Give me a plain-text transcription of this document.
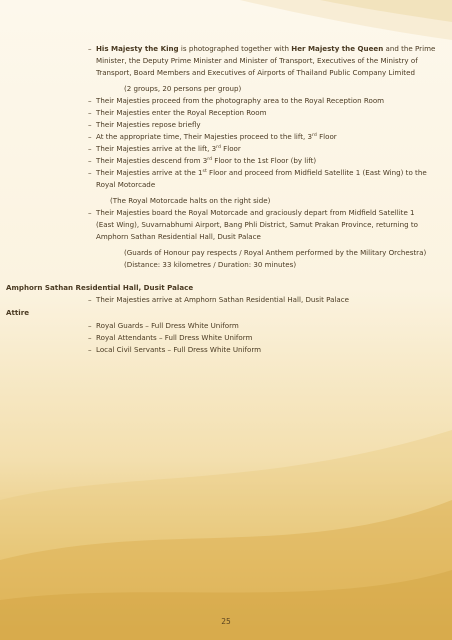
– His Majesty the King is photographed together with Her Majesty the Queen and the Prime
Minister, the Deputy Prime Minister and Minister of Transport, Executives of the Ministry of
Transport, Board Members and Executives of Airports of Thailand Public Company Limited
(2 groups, 20 persons per group)
– Their Majesties proceed from the photography area to the Royal Reception Room
– Their Majesties enter the Royal Reception Room
– Their Majesties repose briefly
– At the appropriate time, Their Majesties proceed to the lift, 3rd Floor
– Their Majesties arrive at the lift, 3rd Floor
– Their Majesties descend from 3rd Floor to the 1st Floor (by lift)
– Their Majesties arrive at the 1st Floor and proceed from Midfield Satellite 1 (East Wing) to the
Royal Motorcade
(The Royal Motorcade halts on the right side)
– Their Majesties board the Royal Motorcade and graciously depart from Midfield Satellite 1
(East Wing), Suvarnabhumi Airport, Bang Phli District, Samut Prakan Province, returning to
Amphorn Sathan Residential Hall, Dusit Palace
(Guards of Honour pay respects / Royal Anthem performed by the Military Orchestra)
(Distance: 33 kilometres / Duration: 30 minutes)
Amphorn Sathan Residential Hall, Dusit Palace
– Their Majesties arrive at Amphorn Sathan Residential Hall, Dusit Palace
Attire
– Royal Guards – Full Dress White Uniform
– Royal Attendants – Full Dress White Uniform
– Local Civil Servants – Full Dress White Uniform
25
